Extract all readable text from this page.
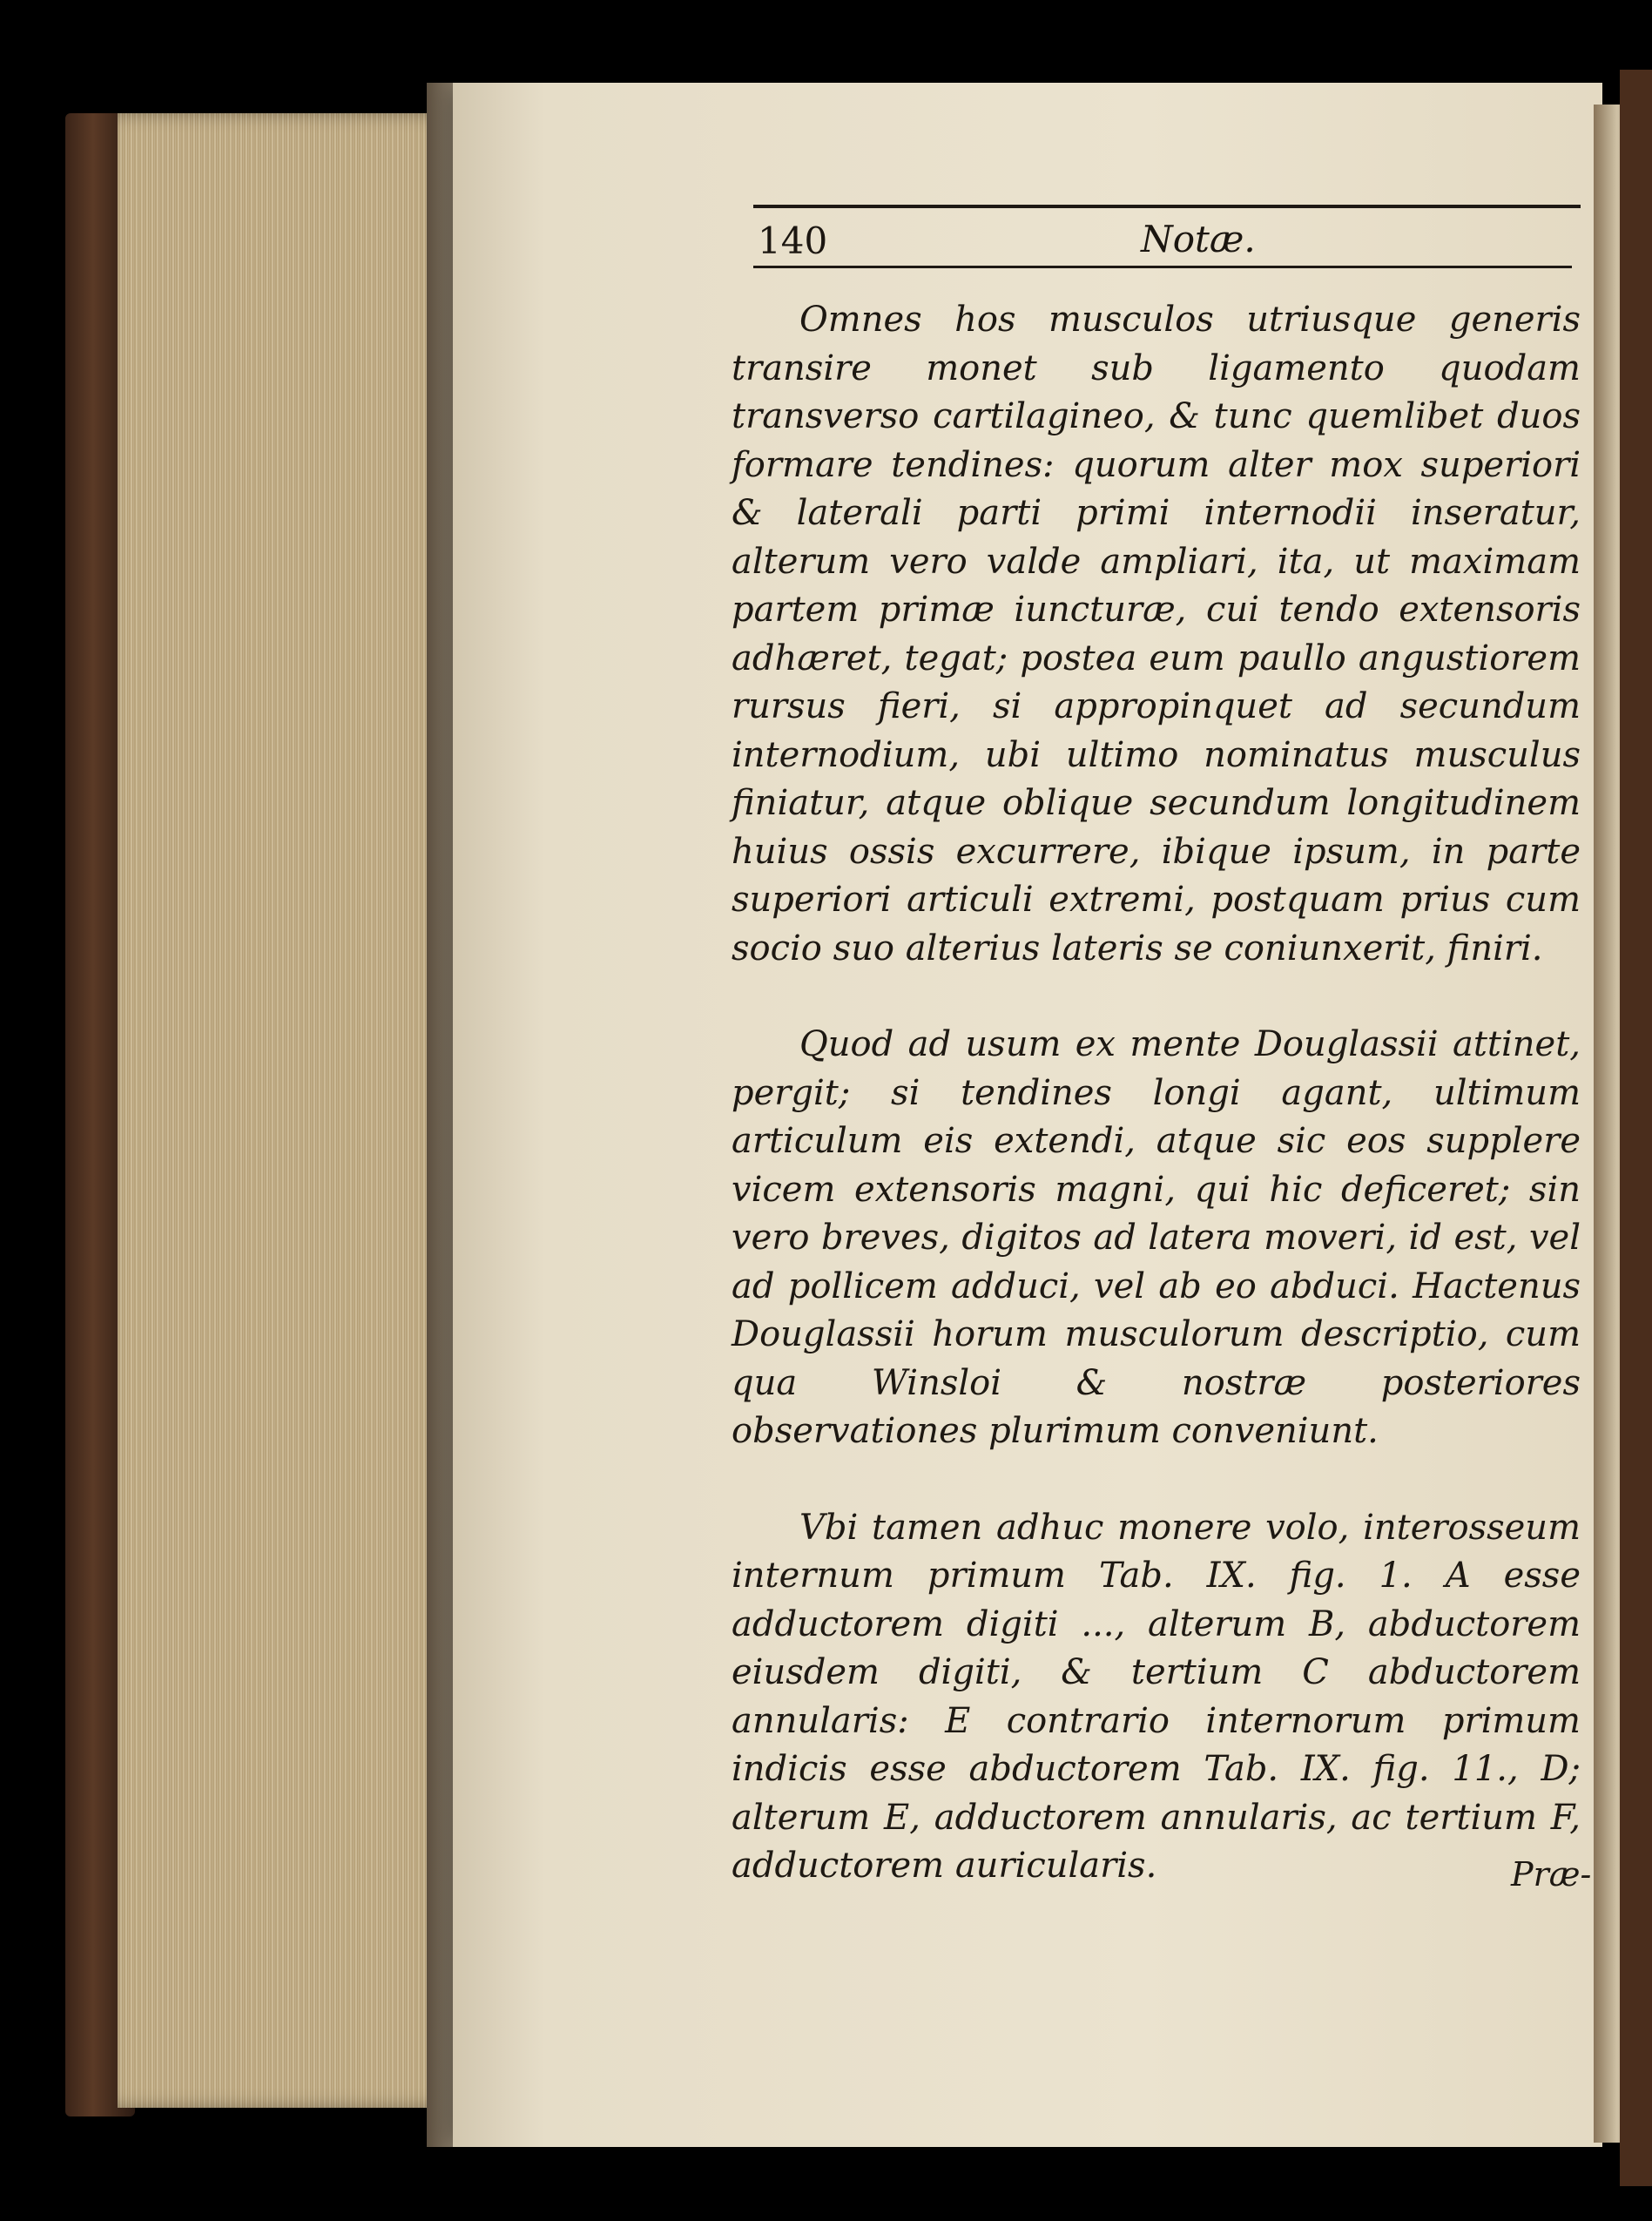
140	Notæ.

Omnes hos musculos utriusque generis transire monet sub ligamento quodam transverso cartilagineo, & tunc quemlibet duos formare tendines: quorum alter mox superiori & laterali parti primi internodii inseratur, alterum vero valde ampliari, ita, ut maximam partem primæ iuncturæ, cui tendo extensoris adhæret, tegat; postea eum paullo angustiorem rursus fieri, si appropinquet ad secundum internodium, ubi ultimo nominatus musculus finiatur, atque oblique secundum longitudinem huius ossis excurrere, ibique ipsum, in parte superiori articuli extremi, postquam prius cum socio suo alterius lateris se coniunxerit, finiri.

Quod ad usum ex mente Douglassii attinet, pergit; si tendines longi agant, ultimum articulum eis extendi, atque sic eos supplere vicem extensoris magni, qui hic deficeret; sin vero breves, digitos ad latera moveri, id est, vel ad pollicem adduci, vel ab eo abduci. Hactenus Douglassii horum musculorum descriptio, cum qua Winsloi & nostræ posteriores observationes plurimum conveniunt.

Vbi tamen adhuc monere volo, interosseum internum primum Tab. IX. fig. 1. A esse adductorem digiti ..., alterum B, abductorem eiusdem digiti, & tertium C abductorem annularis: E contrario internorum primum indicis esse abductorem Tab. IX. fig. 11., D; alterum E, adductorem annularis, ac tertium F, adductorem auricularis.	Præ-
